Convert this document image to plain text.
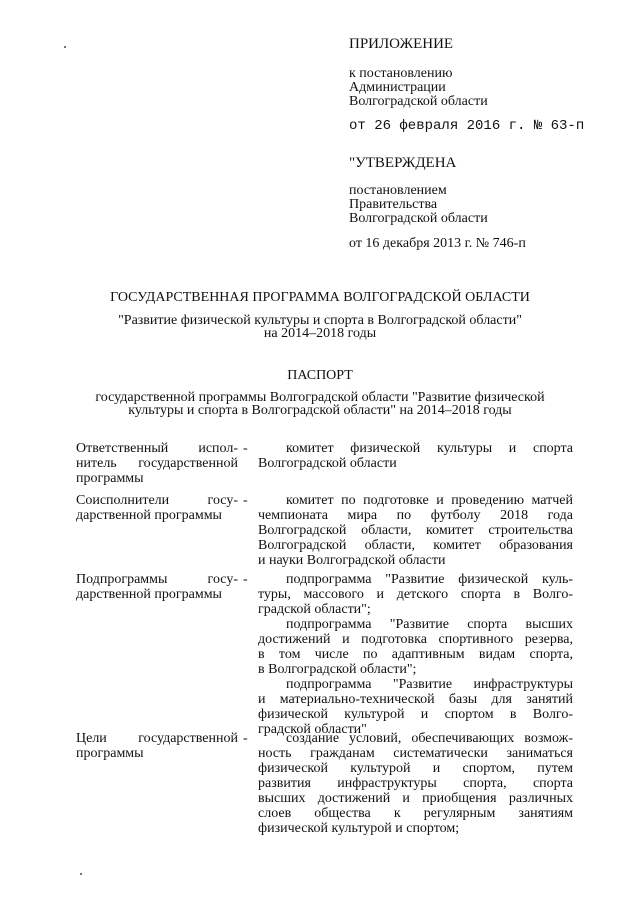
ПРИЛОЖЕНИЕ
к постановлению
Администрации
Волгоградской области
от 26 февраля 2016 г. № 63-п
"УТВЕРЖДЕНА
постановлением
Правительства
Волгоградской области
от 16 декабря 2013 г. № 746-п
ГОСУДАРСТВЕННАЯ ПРОГРАММА ВОЛГОГРАДСКОЙ ОБЛАСТИ
"Развитие физической культуры и спорта в Волгоградской области"
на 2014–2018 годы
ПАСПОРТ
государственной программы Волгоградской области "Развитие физической
культуры и спорта в Волгоградской области" на 2014–2018 годы
Ответственный испол-
нитель государственной
программы
-	комитет физической культуры и спорта
Волгоградской области
Соисполнители госу-
дарственной программы
-	комитет по подготовке и проведению матчей
чемпионата мира по футболу 2018 года
Волгоградской области, комитет строительства
Волгоградской области, комитет образования
и науки Волгоградской области
Подпрограммы госу-
дарственной программы
-	подпрограмма "Развитие физической куль-
туры, массового и детского спорта в Волго-
градской области";
подпрограмма "Развитие спорта высших
достижений и подготовка спортивного резерва,
в том числе по адаптивным видам спорта,
в Волгоградской области";
подпрограмма "Развитие инфраструктуры
и материально-технической базы для занятий
физической культурой и спортом в Волго-
градской области"
Цели государственной
программы
-	создание условий, обеспечивающих возмож-
ность гражданам систематически заниматься
физической культурой и спортом, путем
развития инфраструктуры спорта, спорта
высших достижений и приобщения различных
слоев общества к регулярным занятиям
физической культурой и спортом;
